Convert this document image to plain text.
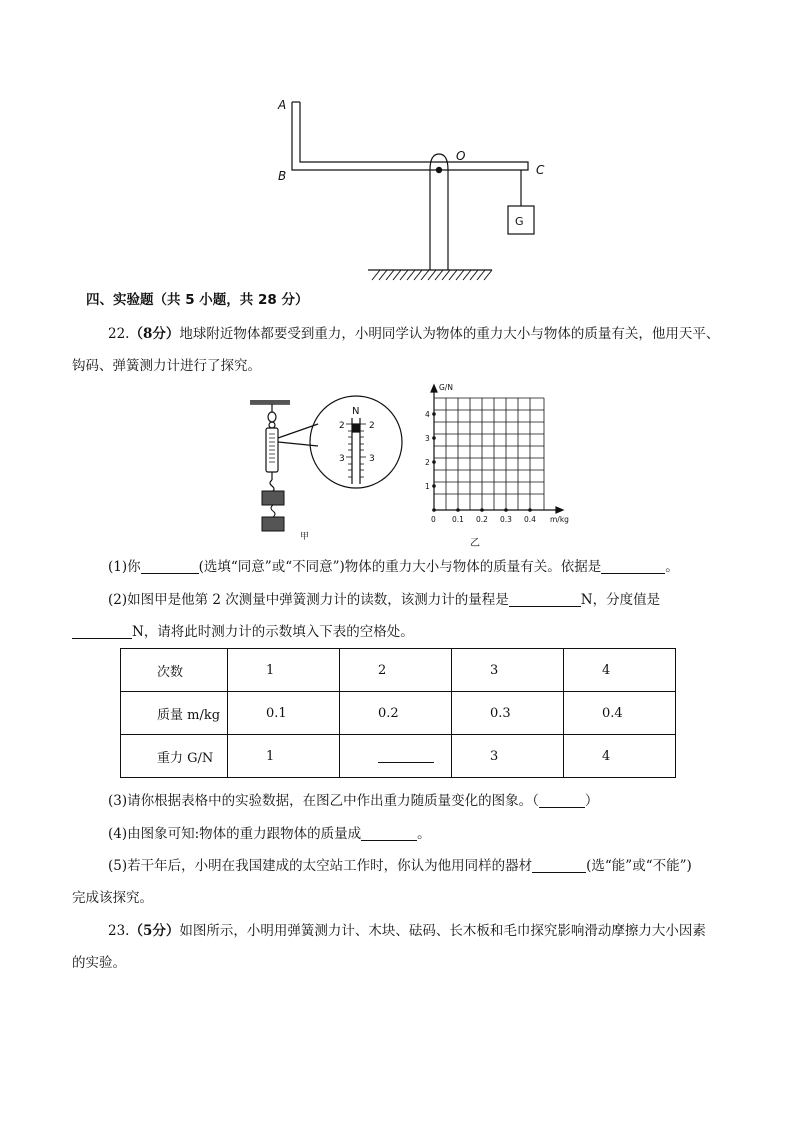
A
B
O
C
G
四、实验题（共 5 小题，共 28 分）
22.（8分）地球附近物体都要受到重力，小明同学认为物体的重力大小与物体的质量有关，他用天平、
钩码、弹簧测力计进行了探究。
N
2	2
3	3
甲
G/N
m/kg
1
2
3
4
0 0.1 0.2 0.3 0.4
乙
(1)你	(选填“同意”或“不同意”)物体的重力大小与物体的质量有关。依据是	。
(2)如图甲是他第 2 次测量中弹簧测力计的读数，该测力计的量程是	N，分度值是
N，请将此时测力计的示数填入下表的空格处。
次数	1	2	3	4
质量 m/kg	0.1	0.2	0.3	0.4
重力 G/N	1		3	4
(3)请你根据表格中的实验数据，在图乙中作出重力随质量变化的图象。（	）
(4)由图象可知:物体的重力跟物体的质量成	。
(5)若干年后，小明在我国建成的太空站工作时，你认为他用同样的器材	(选“能”或“不能”)
完成该探究。
23.（5分）如图所示，小明用弹簧测力计、木块、砝码、长木板和毛巾探究影响滑动摩擦力大小因素
的实验。
